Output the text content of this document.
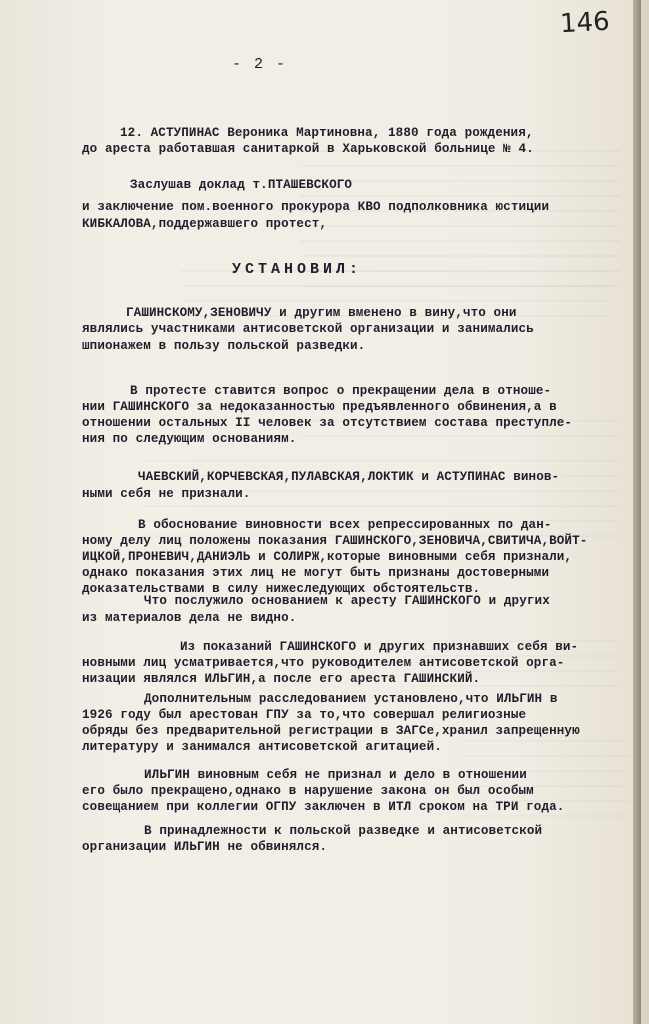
146
- 2 -
12. АСТУПИНАС Вероника Мартиновна, 1880 года рождения,
до ареста работавшая санитаркой в Харьковской больнице № 4.
Заслушав доклад т.ПТАШЕВСКОГО
и заключение пом.военного прокурора КВО подполковника юстиции
КИБКАЛОВА,поддержавшего протест,
УСТАНОВИЛ:
ГАШИНСКОМУ,ЗЕНОВИЧУ и другим вменено в вину,что они
являлись участниками антисоветской организации и занимались
шпионажем в пользу польской разведки.
В протесте ставится вопрос о прекращении дела в отноше-
нии ГАШИНСКОГО за недоказанностью предъявленного обвинения,а в
отношении остальных II человек за отсутствием состава преступле-
ния по следующим основаниям.
ЧАЕВСКИЙ,КОРЧЕВСКАЯ,ПУЛАВСКАЯ,ЛОКТИК и АСТУПИНАС винов-
ными себя не признали.
В обоснование виновности всех репрессированных по дан-
ному делу лиц положены показания ГАШИНСКОГО,ЗЕНОВИЧА,СВИТИЧА,ВОЙТ-
ИЦКОЙ,ПРОНЕВИЧ,ДАНИЭЛЬ и СОЛИРЖ,которые виновными себя признали,
однако показания этих лиц не могут быть признаны достоверными
доказательствами в силу нижеследующих обстоятельств.
Что послужило основанием к аресту ГАШИНСКОГО и других
из материалов дела не видно.
Из показаний ГАШИНСКОГО и других признавших себя ви-
новными лиц усматривается,что руководителем антисоветской орга-
низации являлся ИЛЬГИН,а после его ареста ГАШИНСКИЙ.
Дополнительным расследованием установлено,что ИЛЬГИН в
1926 году был арестован ГПУ за то,что совершал религиозные
обряды без предварительной регистрации в ЗАГСе,хранил запрещенную
литературу и занимался антисоветской агитацией.
ИЛЬГИН виновным себя не признал и дело в отношении
его было прекращено,однако в нарушение закона он был особым
совещанием при коллегии ОГПУ заключен в ИТЛ сроком на ТРИ года.
В принадлежности к польской разведке и антисоветской
организации ИЛЬГИН не обвинялся.
